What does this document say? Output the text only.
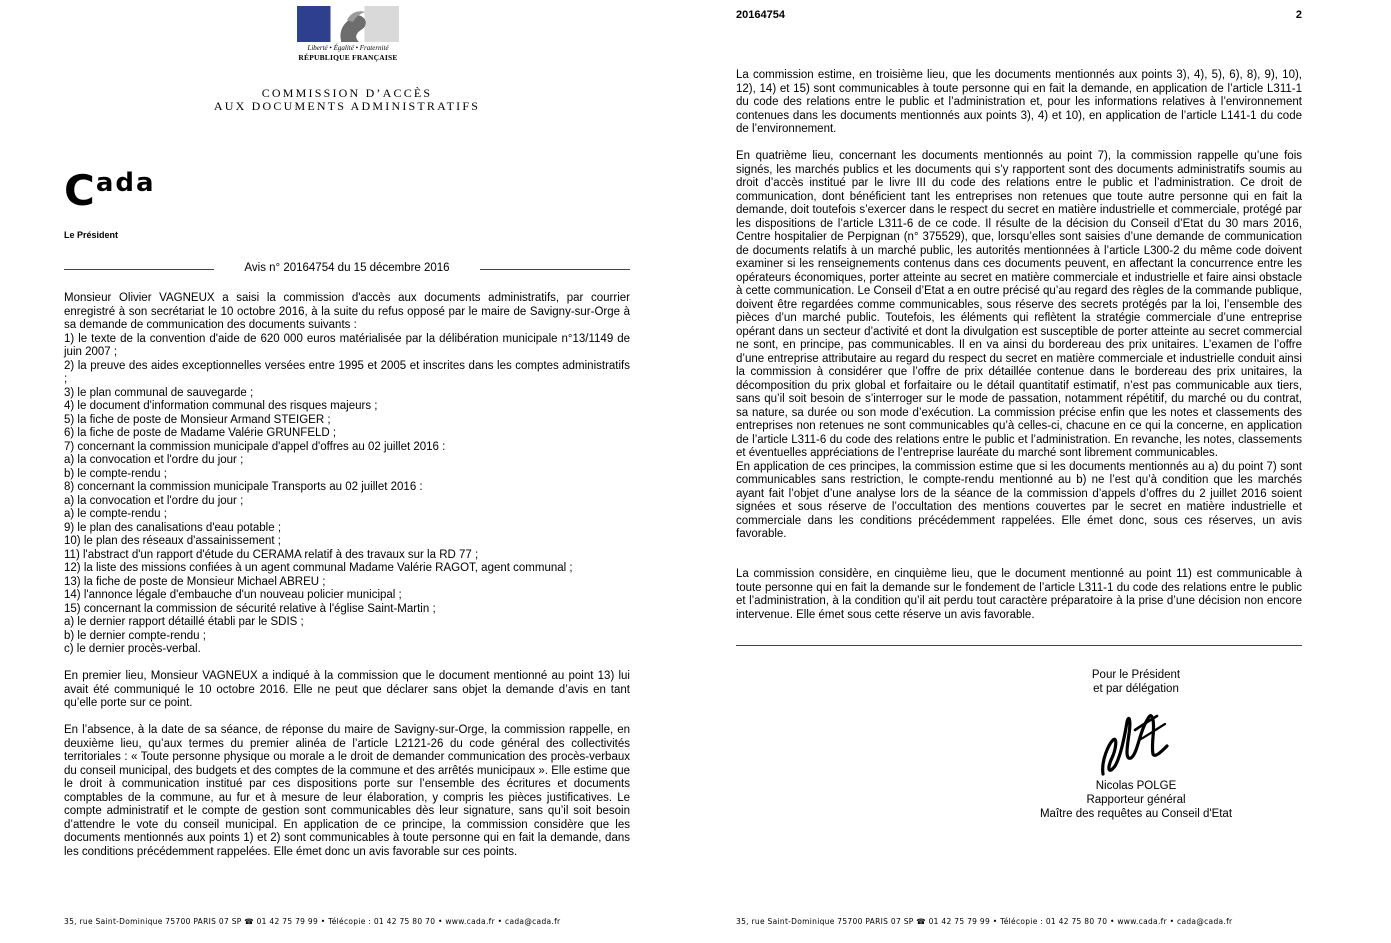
Liberté • Égalité • Fraternité
RÉPUBLIQUE FRANÇAISE
COMMISSION D’ACCÈS
AUX DOCUMENTS ADMINISTRATIFS
Cada
Le Président
Avis n° 20164754 du 15 décembre 2016

Monsieur Olivier VAGNEUX a saisi la commission d'accès aux documents administratifs, par courrier enregistré à son secrétariat le 10 octobre 2016, à la suite du refus opposé par le maire de Savigny-sur-Orge à sa demande de communication des documents suivants :

1) le texte de la convention d'aide de 620 000 euros matérialisée par la délibération municipale n°13/1149 de juin 2007 ;
2) la preuve des aides exceptionnelles versées entre 1995 et 2005 et inscrites dans les comptes administratifs ;
3) le plan communal de sauvegarde ;
4) le document d'information communal des risques majeurs ;
5) la fiche de poste de Monsieur Armand STEIGER ;
6) la fiche de poste de Madame Valérie GRUNFELD ;
7) concernant la commission municipale d'appel d'offres au 02 juillet 2016 :
a) la convocation et l'ordre du jour ;
b) le compte-rendu ;
8) concernant la commission municipale Transports au 02 juillet 2016 :
a) la convocation et l'ordre du jour ;
a) le compte-rendu ;
9) le plan des canalisations d'eau potable ;
10) le plan des réseaux d'assainissement ;
11) l'abstract d'un rapport d'étude du CERAMA relatif à des travaux sur la RD 77 ;
12) la liste des missions confiées à un agent communal Madame Valérie RAGOT, agent communal ;
13) la fiche de poste de Monsieur Michael ABREU ;
14) l'annonce légale d'embauche d'un nouveau policier municipal ;
15) concernant la commission de sécurité relative à l'église Saint-Martin ;
a) le dernier rapport détaillé établi par le SDIS ;
b) le dernier compte-rendu ;
c) le dernier procès-verbal.

En premier lieu, Monsieur VAGNEUX a indiqué à la commission que le document mentionné au point 13) lui avait été communiqué le 10 octobre 2016. Elle ne peut que déclarer sans objet la demande d’avis en tant qu’elle porte sur ce point.

En l’absence, à la date de sa séance, de réponse du maire de Savigny-sur-Orge, la commission rappelle, en deuxième lieu, qu’aux termes du premier alinéa de l’article L2121-26 du code général des collectivités territoriales : « Toute personne physique ou morale a le droit de demander communication des procès-verbaux du conseil municipal, des budgets et des comptes de la commune et des arrêtés municipaux ». Elle estime que le droit à communication institué par ces dispositions porte sur l’ensemble des écritures et documents comptables de la commune, au fur et à mesure de leur élaboration, y compris les pièces justificatives. Le compte administratif et le compte de gestion sont communicables dès leur signature, sans qu’il soit besoin d’attendre le vote du conseil municipal. En application de ce principe, la commission considère que les documents mentionnés aux points 1) et 2) sont communicables à toute personne qui en fait la demande, dans les conditions précédemment rappelées. Elle émet donc un avis favorable sur ces points.

35, rue Saint-Dominique 75700 PARIS 07 SP ☎ 01 42 75 79 99 • Télécopie : 01 42 75 80 70 • www.cada.fr • cada@cada.fr
20164754	2

La commission estime, en troisième lieu, que les documents mentionnés aux points 3), 4), 5), 6), 8), 9), 10), 12), 14) et 15) sont communicables à toute personne qui en fait la demande, en application de l’article L311-1 du code des relations entre le public et l’administration et, pour les informations relatives à l’environnement contenues dans les documents mentionnés aux points 3), 4) et 10), en application de l’article L141-1 du code de l’environnement.

En quatrième lieu, concernant les documents mentionnés au point 7), la commission rappelle qu’une fois signés, les marchés publics et les documents qui s’y rapportent sont des documents administratifs soumis au droit d’accès institué par le livre III du code des relations entre le public et l’administration. Ce droit de communication, dont bénéficient tant les entreprises non retenues que toute autre personne qui en fait la demande, doit toutefois s’exercer dans le respect du secret en matière industrielle et commerciale, protégé par les dispositions de l’article L311-6 de ce code. Il résulte de la décision du Conseil d’Etat du 30 mars 2016, Centre hospitalier de Perpignan (n° 375529), que, lorsqu’elles sont saisies d’une demande de communication de documents relatifs à un marché public, les autorités mentionnées à l’article L300-2 du même code doivent examiner si les renseignements contenus dans ces documents peuvent, en affectant la concurrence entre les opérateurs économiques, porter atteinte au secret en matière commerciale et industrielle et faire ainsi obstacle à cette communication. Le Conseil d’Etat a en outre précisé qu’au regard des règles de la commande publique, doivent être regardées comme communicables, sous réserve des secrets protégés par la loi, l’ensemble des pièces d’un marché public. Toutefois, les éléments qui reflètent la stratégie commerciale d’une entreprise opérant dans un secteur d’activité et dont la divulgation est susceptible de porter atteinte au secret commercial ne sont, en principe, pas communicables. Il en va ainsi du bordereau des prix unitaires. L’examen de l’offre d’une entreprise attributaire au regard du respect du secret en matière commerciale et industrielle conduit ainsi la commission à considérer que l’offre de prix détaillée contenue dans le bordereau des prix unitaires, la décomposition du prix global et forfaitaire ou le détail quantitatif estimatif, n’est pas communicable aux tiers, sans qu’il soit besoin de s’interroger sur le mode de passation, notamment répétitif, du marché ou du contrat, sa nature, sa durée ou son mode d’exécution. La commission précise enfin que les notes et classements des entreprises non retenues ne sont communicables qu’à celles-ci, chacune en ce qui la concerne, en application de l’article L311-6 du code des relations entre le public et l’administration. En revanche, les notes, classements et éventuelles appréciations de l’entreprise lauréate du marché sont librement communicables.

En application de ces principes, la commission estime que si les documents mentionnés au a) du point 7) sont communicables sans restriction, le compte-rendu mentionné au b) ne l’est qu’à condition que les marchés ayant fait l’objet d’une analyse lors de la séance de la commission d’appels d’offres du 2 juillet 2016 soient signées et sous réserve de l’occultation des mentions couvertes par le secret en matière industrielle et commerciale dans les conditions précédemment rappelées. Elle émet donc, sous ces réserves, un avis favorable.

La commission considère, en cinquième lieu, que le document mentionné au point 11) est communicable à toute personne qui en fait la demande sur le fondement de l’article L311-1 du code des relations entre le public et l’administration, à la condition qu’il ait perdu tout caractère préparatoire à la prise d’une décision non encore intervenue. Elle émet sous cette réserve un avis favorable.

Pour le Président
et par délégation
Nicolas POLGE
Rapporteur général
Maître des requêtes au Conseil d'Etat
35, rue Saint-Dominique 75700 PARIS 07 SP ☎ 01 42 75 79 99 • Télécopie : 01 42 75 80 70 • www.cada.fr • cada@cada.fr
